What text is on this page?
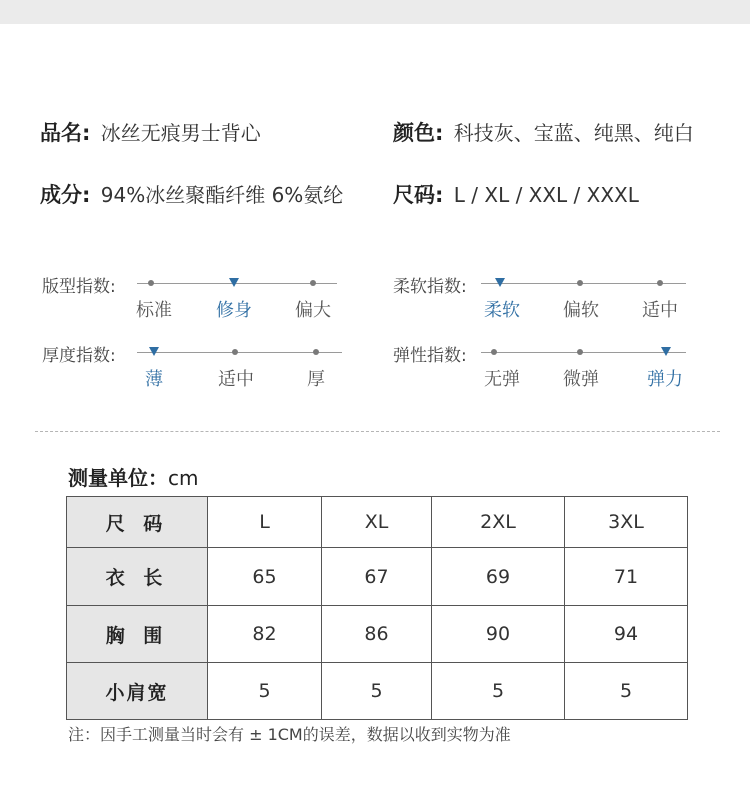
品名: 冰丝无痕男士背心	颜色: 科技灰、宝蓝、纯黑、纯白
成分: 94%冰丝聚酯纤维 6%氨纶 尺码: L / XL / XXL / XXXL
版型指数:
标准 修身 偏大
柔软指数:
柔软 偏软 适中
厚度指数:
薄	适中	厚
弹性指数:
无弹 微弹	弹力
测量单位：cm
尺 码	L	XL	2XL	3XL
衣 长	65	67	69	71
胸 围	82	86	90	94
小肩宽	5	5	5	5
注：因手工测量当时会有 ± 1CM的误差，数据以收到实物为准
